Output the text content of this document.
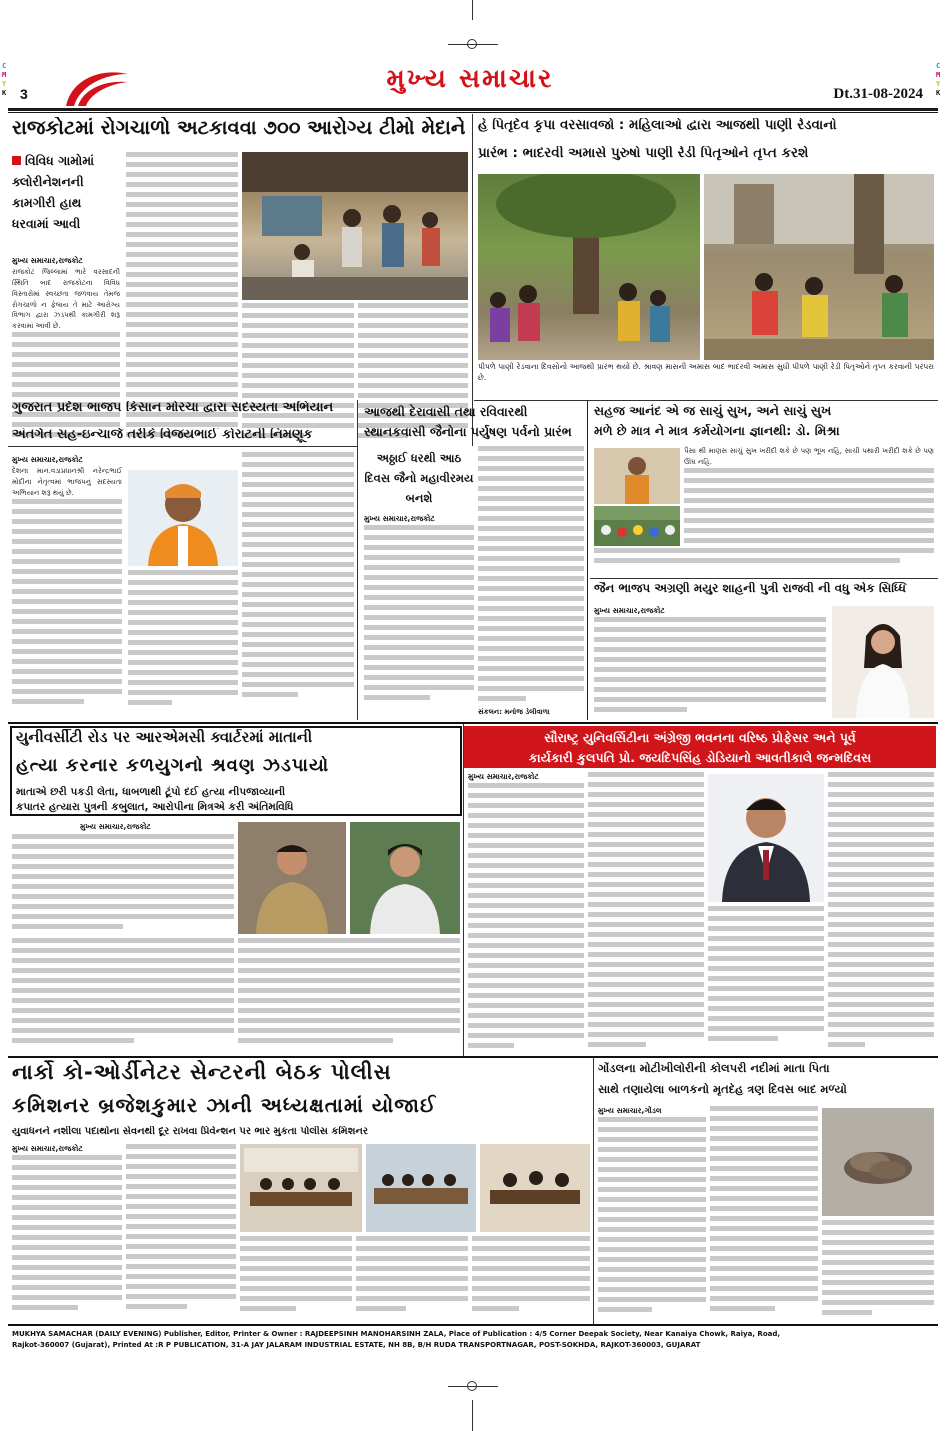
C
M
Y
K
C
M
Y
K
3	મુખ્ય સમાચાર	Dt.31-08-2024
રાજકોટમાં રોગચાળો અટકાવવા ૭૦૦ આરોગ્ય ટીમો મેદાને
વિવિધ ગામોમાં ક્લોરીનેશનની કામગીરી હાથ ધરવામાં આવી
મુખ્ય સમાચાર,રાજકોટ
રાજકોટ જિલ્લામાં ભારે વરસાદની સ્થિતિ બાદ રાજકોટના વિવિધ વિસ્તારોમાં સ્વચ્છતા જળવાય તેમજ રોગચાળો ન ફેલાય તે માટે આરોગ્ય વિભાગ દ્વારા ઝડપથી કામગીરી શરૂ કરવામાં આવી છે.
હે પિતૃદેવ કૃપા વરસાવજો : મહિલાઓ દ્વારા આજથી પાણી રેડવાનો
પ્રારંભ : ભાદરવી અમાસે પુરુષો પાણી રેડી પિતૃઓને તૃપ્ત કરશે
પીપળે પાણી રેડવાના દિવસોનો આજથી પ્રારંભ થયો છે. શ્રાવણ માસની અમાસ બાદ ભાદરવી અમાસ સુધી પીપળે પાણી રેડી પિતૃઓને તૃપ્ત કરવાની પરંપરા છે.
ગુજરાત પ્રદેશ ભાજપ કિસાન મોરચા દ્વારા સદસ્યતા અભિયાન
અંતર્ગત સહ-ઇન્ચાર્જ તરીકે વિજયભાઈ કોરાટની નિમણૂક
મુખ્ય સમાચાર,રાજકોટ
દેશના માન.વડાપ્રધાનશ્રી નરેન્દ્રભાઈ મોદીના નેતૃત્વમાં ભાજપનું સદસ્યતા અભિયાન શરૂ થયું છે.
આજથી દેરાવાસી તથા રવિવારથી સ્થાનકવાસી જૈનોના પર્યુષણ પર્વનો પ્રારંભ
અઠ્ઠાઈ ધરથી આઠ દિવસ જૈનો મહાવીરમય બનશે
મુખ્ય સમાચાર,રાજકોટ
સંકલન: મનોજ ડેલીવાળા
સહજ આનંદ એ જ સાચું સુખ, અને સાચું સુખ
મળે છે માત્ર ને માત્ર કર્મયોગના જ્ઞાનથી: ડો. મિશ્રા
પૈસા થી માણસ સાચું સુખ ખરીદી શકે છે પણ ભૂખ નહિ, સાચી પથારી ખરીદી શકે છે પણ ઊંઘ નહિ.
જૈન ભાજપ અગ્રણી મયુર શાહની પુત્રી રાજવી ની વધુ એક સિધ્ધિ
મુખ્ય સમાચાર,રાજકોટ
યુનીવર્સીટી રોડ પર આરએમસી ક્વાર્ટરમાં માતાની
હત્યા કરનાર કળયુગનો શ્રવણ ઝડપાયો
માતાએ છરી પકડી લેતા, ધાબળાથી ટૂંપો દઈ હત્યા નીપજાવ્યાની
કપાતર હત્યારા પુત્રની કબુલાત, આરોપીના મિત્રએ કરી અંતિમવિધિ
મુખ્ય સમાચાર,રાજકોટ
સૌરાષ્ટ્ર યુનિવર્સિટીના અંગ્રેજી ભવનના વરિષ્ઠ પ્રોફેસર અને પૂર્વ
કાર્યકારી કુલપતિ પ્રો. જયદિપસિંહ ડોડિયાનો આવતીકાલે જન્મદિવસ
મુખ્ય સમાચાર,રાજકોટ
નાર્કો કો-ઓર્ડીનેટર સેન્ટરની બેઠક પોલીસ
કમિશનર બ્રજેશકુમાર ઝાની અધ્યક્ષતામાં યોજાઈ
યુવાધનને નશીલા પદાર્થોના સેવનથી દૂર રાખવા પ્રિવેન્શન પર ભાર મુકતા પોલીસ કમિશનર
મુખ્ય સમાચાર,રાજકોટ
ગોંડલના મોટીખીલોરીની કોલપરી નદીમાં માતા પિતા
સાથે તણાયેલા બાળકનો મૃતદેહ ત્રણ દિવસ બાદ મળ્યો
મુખ્ય સમાચાર,ગોંડલ
MUKHYA SAMACHAR (DAILY EVENING) Publisher, Editor, Printer & Owner : RAJDEEPSINH MANOHARSINH ZALA, Place of Publication : 4/5 Corner Deepak Society, Near Kanaiya Chowk, Raiya, Road,
Rajkot-360007 (Gujarat), Printed At :R P PUBLICATION, 31-A JAY JALARAM INDUSTRIAL ESTATE, NH 8B, B/H RUDA TRANSPORTNAGAR, POST-SOKHDA, RAJKOT-360003, GUJARAT
